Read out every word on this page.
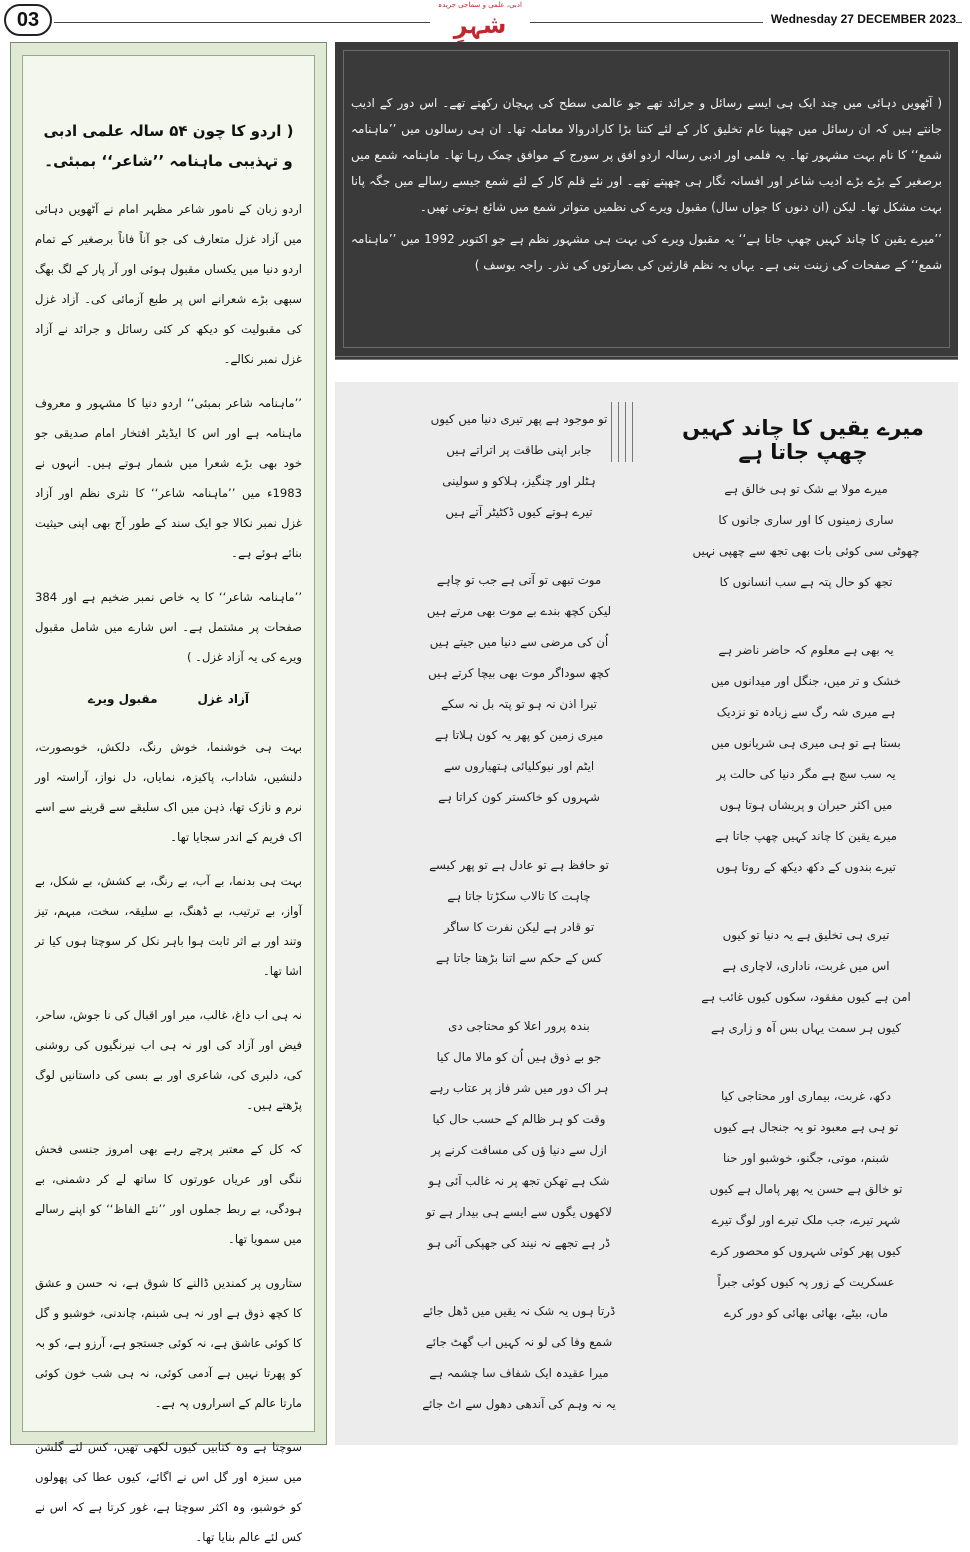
03
ادبی، علمی و سماجی جریدہ
شہرِ	Wednesday 27 DECEMBER 2023
( اردو کا چون ۵۴ سالہ علمی ادبی و تہذیبی ماہنامہ ’’شاعر‘‘ بمبئی۔

اردو زبان کے نامور شاعر مظہر امام نے آٹھویں دہائی میں آزاد غزل متعارف کی جو آناً فاناً برصغیر کے تمام اردو دنیا میں یکساں مقبول ہوئی اور آر پار کے لگ بھگ سبھی بڑے شعرانے اس پر طبع آزمائی کی۔ آزاد غزل کی مقبولیت کو دیکھ کر کئی رسائل و جرائد نے آزاد غزل نمبر نکالے۔

’’ماہنامہ شاعر بمبئی‘‘ اردو دنیا کا مشہور و معروف ماہنامہ ہے اور اس کا ایڈیٹر افتخار امام صدیقی جو خود بھی بڑے شعرا میں شمار ہوتے ہیں۔ انہوں نے 1983ء میں ’’ماہنامہ شاعر‘‘ کا نثری نظم اور آزاد غزل نمبر نکالا جو ایک سند کے طور آج بھی اپنی حیثیت بنائے ہوئے ہے۔

’’ماہنامہ شاعر‘‘ کا یہ خاص نمبر ضخیم ہے اور 384 صفحات پر مشتمل ہے۔ اس شارے میں شامل مقبول ویرے کی یہ آزاد غزل۔ )

آزاد غزل
مقبول ویرے

بہت ہی خوشنما، خوش رنگ، دلکش، خوبصورت، دلنشیں، شاداب، پاکیزہ، نمایاں، دل نواز، آراستہ اور نرم و نازک تھا، ذہن میں اک سلیقے سے قرینے سے اسے اک فریم کے اندر سجایا تھا۔

بہت ہی بدنما، بے آب، بے رنگ، بے کشش، بے شکل، بے آواز، بے ترتیب، بے ڈھنگ، بے سلیقہ، سخت، مبہم، تیز وتند اور بے اثر ثابت ہوا باہر نکل کر سوچتا ہوں کیا تر اشا تھا۔

نہ ہی اب داغ، غالب، میر اور اقبال کی نا جوش، ساحر، فیض اور آزاد کی اور نہ ہی اب نیرنگیوں کی روشنی کی، دلبری کی، شاعری اور بے بسی کی داستانیں لوگ پڑھتے ہیں۔

کہ کل کے معتبر پرچے رہے بھی امروز جنسی فحش ننگی اور عریاں عورتوں کا ساتھ لے کر دشمنی، بے ہودگی، بے ربط جملوں اور ’’نئے الفاظ‘‘ کو اپنے رسالے میں سمویا تھا۔

ستاروں پر کمندیں ڈالنے کا شوق ہے، نہ حسن و عشق کا کچھ ذوق ہے اور نہ ہی شبنم، چاندنی، خوشبو و گل کا کوئی عاشق ہے، نہ کوئی جستجو ہے، آرزو ہے، کو بہ کو پھرتا نہیں ہے آدمی کوئی، نہ ہی شب خون کوئی مارتا عالم کے اسراروں پہ ہے۔

سوچتا ہے وہ کتابیں کیوں لکھی تھیں، کس لئے گلشن میں سبزہ اور گل اس نے اگائے، کیوں عطا کی پھولوں کو خوشبو، وہ اکثر سوچتا ہے، غور کرتا ہے کہ اس نے کس لئے عالم بنایا تھا۔

( آٹھویں دہائی میں چند ایک ہی ایسے رسائل و جرائد تھے جو عالمی سطح کی پہچان رکھتے تھے۔ اس دور کے ادیب جانتے ہیں کہ ان رسائل میں چھپنا عام تخلیق کار کے لئے کتنا بڑا کارادروالا معاملہ تھا۔ ان ہی رسالوں میں ’’ماہنامہ شمع‘‘ کا نام بہت مشہور تھا۔ یہ فلمی اور ادبی رسالہ اردو افق پر سورج کے موافق چمک رہا تھا۔ ماہنامہ شمع میں برصغیر کے بڑے بڑے ادیب شاعر اور افسانہ نگار ہی چھپتے تھے۔ اور نئے قلم کار کے لئے شمع جیسے رسالے میں جگہ پانا بہت مشکل تھا۔ لیکن (ان دنوں کا جواں سال) مقبول ویرے کی نظمیں متواتر شمع میں شائع ہوتی تھیں۔

’’میرے یقین کا چاند کہیں چھپ جاتا ہے‘‘ یہ مقبول ویرے کی بہت ہی مشہور نظم ہے جو اکتوبر 1992 میں ’’ماہنامہ شمع‘‘ کے صفحات کی زینت بنی ہے۔ یہاں یہ نظم قارئین کی بصارتوں کی نذر۔ راجہ یوسف )

میرے یقیں کا چاند کہیں چھپ جاتا ہے
میرے مولا بے شک تو ہی خالق ہے
ساری زمینوں کا اور ساری جانوں کا
چھوٹی سی کوئی بات بھی تجھ سے چھپی نہیں
تجھ کو حال پتہ ہے سب انسانوں کا
یہ بھی ہے معلوم کہ حاضر ناضر ہے
خشک و تر میں، جنگل اور میدانوں میں
ہے میری شہ رگ سے زیادہ تو نزدیک
بستا ہے تو ہی میری ہی شریانوں میں
یہ سب سچ ہے مگر دنیا کی حالت پر
میں اکثر حیران و پریشاں ہوتا ہوں
میرے یقین کا چاند کہیں چھپ جاتا ہے
تیرے بندوں کے دکھ دیکھ کے روتا ہوں
تیری ہی تخلیق ہے یہ دنیا تو کیوں
اس میں غربت، ناداری، لاچاری ہے
امن ہے کیوں مفقود، سکوں کیوں غائب ہے
کیوں ہر سمت یہاں بس آہ و زاری ہے
دکھ، غربت، بیماری اور محتاجی کیا
تو ہی ہے معبود تو یہ جنجال ہے کیوں
شبنم، موتی، جگنو، خوشبو اور حنا
تو خالق ہے حسن یہ پھر پامال ہے کیوں
شہر تیرے، جب ملک تیرے اور لوگ تیرے
کیوں پھر کوئی شہروں کو محصور کرے
عسکریت کے زور پہ کیوں کوئی جبراً
ماں، بیٹے، بھائی بھائی کو دور کرے
تو موجود ہے پھر تیری دنیا میں کیوں
جابر اپنی طاقت پر اتراتے ہیں
ہٹلر اور چنگیز، ہلاکو و سولینی
تیرے ہوتے کیوں ڈکٹیٹر آتے ہیں
موت تبھی تو آتی ہے جب تو چاہے
لیکن کچھ بندے بے موت بھی مرتے ہیں
اُن کی مرضی سے دنیا میں جیتے ہیں
کچھ سوداگر موت بھی بیچا کرتے ہیں
تیرا اذن نہ ہو تو پتہ بل نہ سکے
میری زمین کو پھر یہ کون ہلاتا ہے
ایٹم اور نیوکلیائی ہتھیاروں سے
شہروں کو خاکستر کون کراتا ہے
تو حافظ ہے تو عادل ہے تو پھر کیسے
چاہت کا تالاب سکڑتا جاتا ہے
تو قادر ہے لیکن نفرت کا ساگر
کس کے حکم سے اتنا بڑھتا جاتا ہے
بندہ پرور اعلا کو محتاجی دی
جو بے ذوق ہیں اُن کو مالا مال کیا
ہر اک دور میں شر فاز پر عتاب رہے
وقت کو ہر ظالم کے حسب حال کیا
ازل سے دنیا ؤں کی مسافت کرنے پر
شک ہے تھکن تجھ پر نہ غالب آئی ہو
لاکھوں یگوں سے ایسے ہی بیدار ہے تو
ڈر ہے تجھے نہ نیند کی جھپکی آئی ہو
ڈرتا ہوں یہ شک نہ یقیں میں ڈھل جائے
شمع وفا کی لو نہ کہیں اب گھٹ جائے
میرا عقیدہ ایک شفاف سا چشمہ ہے
یہ نہ وہم کی آندھی دھول سے اٹ جائے
